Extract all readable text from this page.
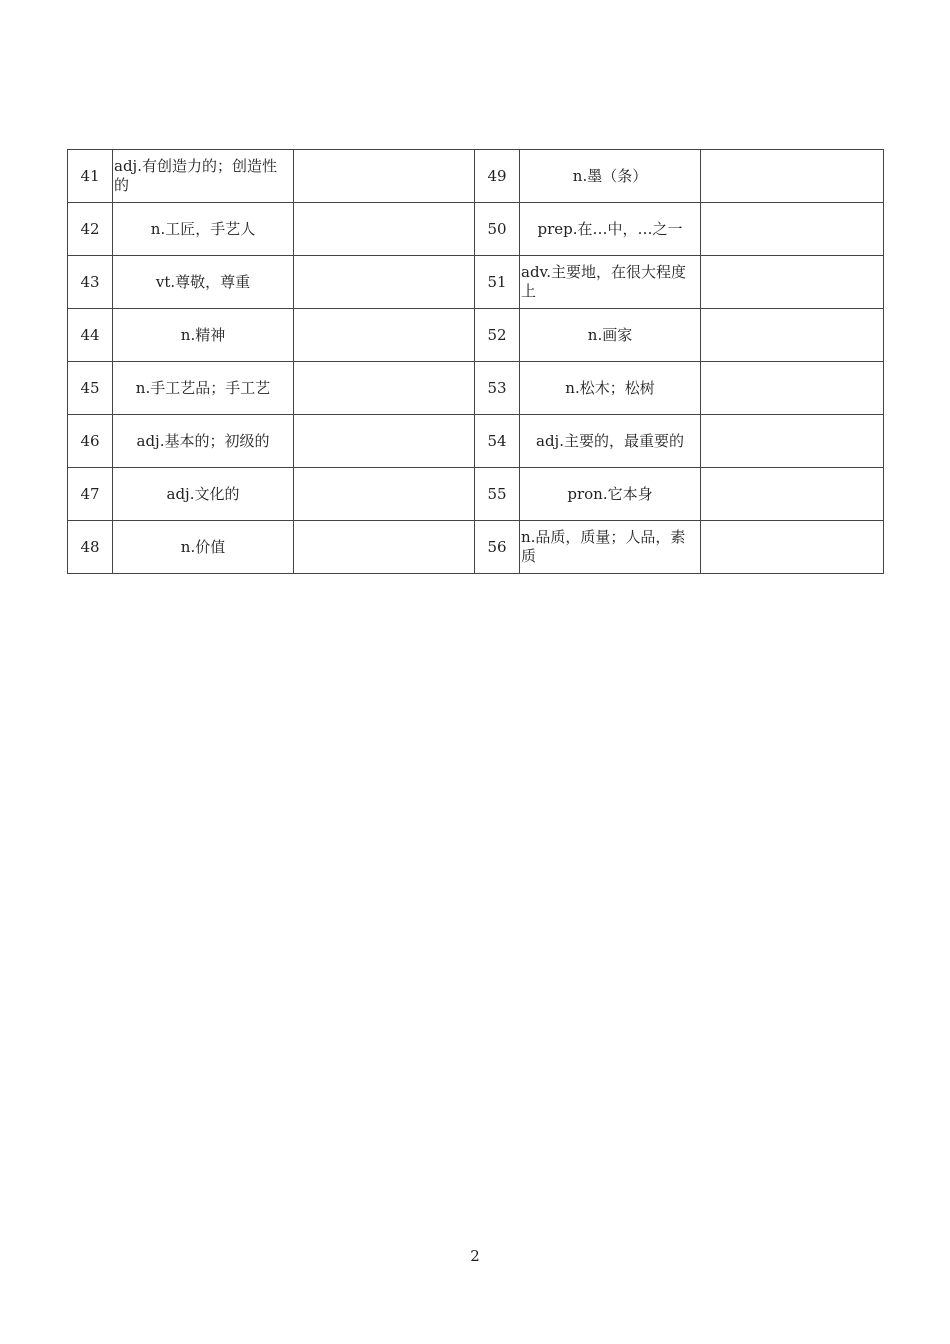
41	adj.有创造力的；创造性的		49	n.墨（条）	
42	n.工匠，手艺人		50	prep.在…中，…之一	
43	vt.尊敬，尊重		51	adv.主要地，在很大程度上	
44	n.精神		52	n.画家	
45	n.手工艺品；手工艺		53	n.松木；松树	
46	adj.基本的；初级的		54	adj.主要的，最重要的	
47	adj.文化的		55	pron.它本身	
48	n.价值		56	n.品质，质量；人品，素质	
2
